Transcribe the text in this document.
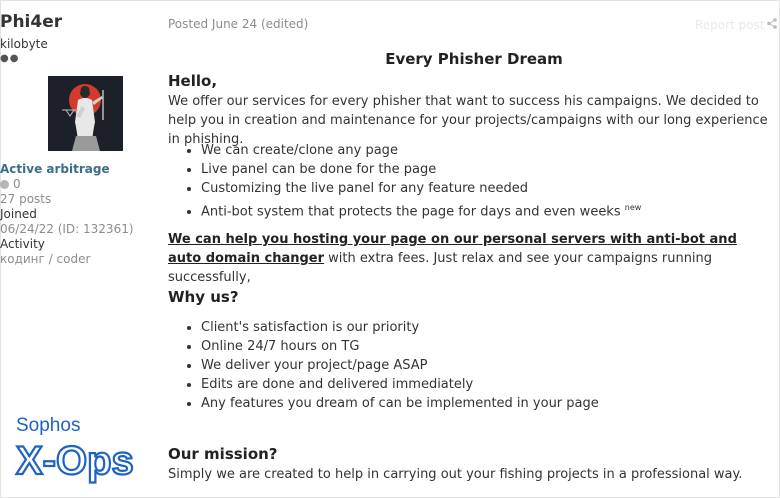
Phi4er
kilobyte
●●
Active arbitrage
0
27 posts
Joined
06/24/22 (ID: 132361)
Activity
кодинг / coder
Posted June 24 (edited)	Report post
Every Phisher Dream
Hello,
We offer our services for every phisher that want to success his campaigns. We decided to help you in creation and maintenance for your projects/campaigns with our long experience in phishing.
• We can create/clone any page
• Live panel can be done for the page
• Customizing the live panel for any feature needed
• Anti-bot system that protects the page for days and even weeks $^{new}$
We can help you hosting your page on our personal servers with anti-bot and auto domain changer with extra fees. Just relax and see your campaigns running successfully,
Why us?
• Client's satisfaction is our priority
• Online 24/7 hours on TG
• We deliver your project/page ASAP
• Edits are done and delivered immediately
• Any features you dream of can be implemented in your page
Our mission?
Simply we are created to help in carrying out your fishing projects in a professional way.
Sophos
X-Ops
